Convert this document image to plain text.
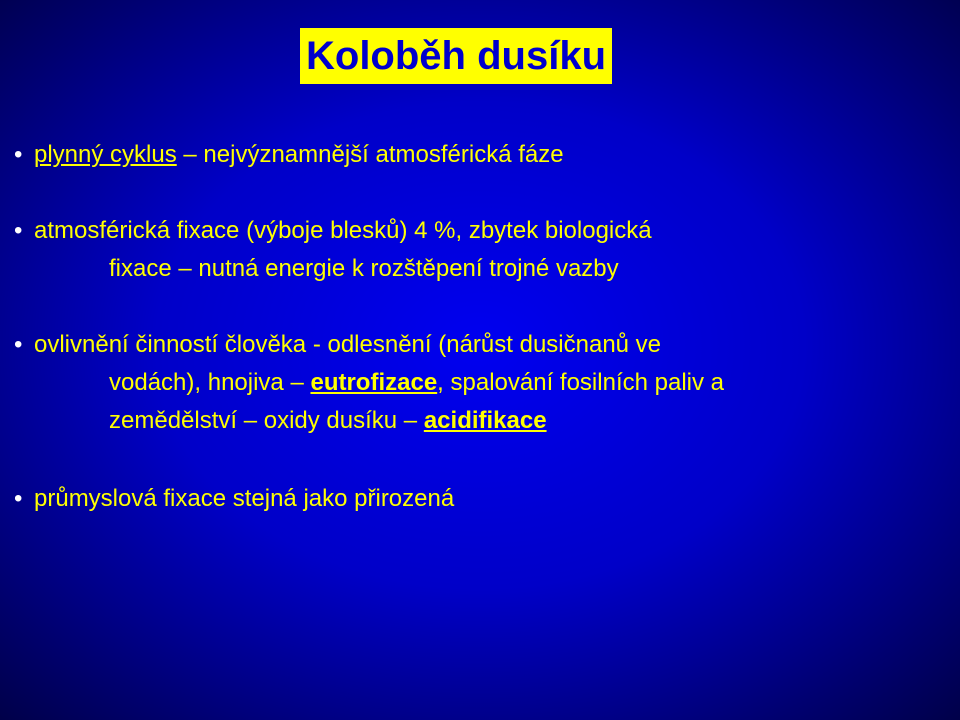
Koloběh dusíku
• plynný cyklus – nejvýznamnější atmosférická fáze
• atmosférická fixace (výboje blesků) 4 %, zbytek biologická
fixace – nutná energie k rozštěpení trojné vazby
• ovlivnění činností člověka - odlesnění (nárůst dusičnanů ve
vodách), hnojiva – eutrofizace, spalování fosilních paliv a
zemědělství – oxidy dusíku – acidifikace
• průmyslová fixace stejná jako přirozená
